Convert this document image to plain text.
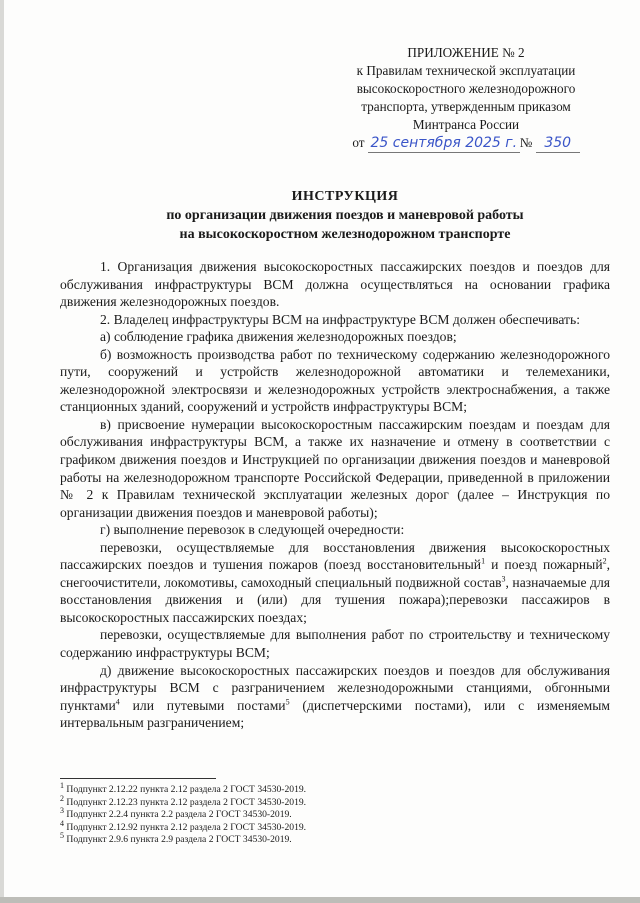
ПРИЛОЖЕНИЕ № 2
к Правилам технической эксплуатации
высокоскоростного железнодорожного
транспорта, утвержденным приказом
Минтранса России
от 25 сентября 2025 г. № 350
ИНСТРУКЦИЯ
по организации движения поездов и маневровой работы
на высокоскоростном железнодорожном транспорте

1. Организация движения высокоскоростных пассажирских поездов и поездов для обслуживания инфраструктуры ВСМ должна осуществляться на основании графика движения железнодорожных поездов.

2. Владелец инфраструктуры ВСМ на инфраструктуре ВСМ должен обеспечивать:

а) соблюдение графика движения железнодорожных поездов;

б) возможность производства работ по техническому содержанию железнодорожного пути, сооружений и устройств железнодорожной автоматики и телемеханики, железнодорожной электросвязи и железнодорожных устройств электроснабжения, а также станционных зданий, сооружений и устройств инфраструктуры ВСМ;

в) присвоение нумерации высокоскоростным пассажирским поездам и поездам для обслуживания инфраструктуры ВСМ, а также их назначение и отмену в соответствии с графиком движения поездов и Инструкцией по организации движения поездов и маневровой работы на железнодорожном транспорте Российской Федерации, приведенной в приложении № 2 к Правилам технической эксплуатации железных дорог (далее – Инструкция по организации движения поездов и маневровой работы);

г) выполнение перевозок в следующей очередности:

перевозки, осуществляемые для восстановления движения высокоскоростных пассажирских поездов и тушения пожаров (поезд восстановительный$^1$ и поезд пожарный$^2$, снегоочистители, локомотивы, самоходный специальный подвижной состав$^3$, назначаемые для восстановления движения и (или) для тушения пожара);перевозки пассажиров в высокоскоростных пассажирских поездах;

перевозки, осуществляемые для выполнения работ по строительству и техническому содержанию инфраструктуры ВСМ;

д) движение высокоскоростных пассажирских поездов и поездов для обслуживания инфраструктуры ВСМ с разграничением железнодорожными станциями, обгонными пунктами$^4$ или путевыми постами$^5$ (диспетчерскими постами), или с изменяемым интервальным разграничением;

$^1$ Подпункт 2.12.22 пункта 2.12 раздела 2 ГОСТ 34530-2019.
$^2$ Подпункт 2.12.23 пункта 2.12 раздела 2 ГОСТ 34530-2019.
$^3$ Подпункт 2.2.4 пункта 2.2 раздела 2 ГОСТ 34530-2019.
$^4$ Подпункт 2.12.92 пункта 2.12 раздела 2 ГОСТ 34530-2019.
$^5$ Подпункт 2.9.6 пункта 2.9 раздела 2 ГОСТ 34530-2019.
